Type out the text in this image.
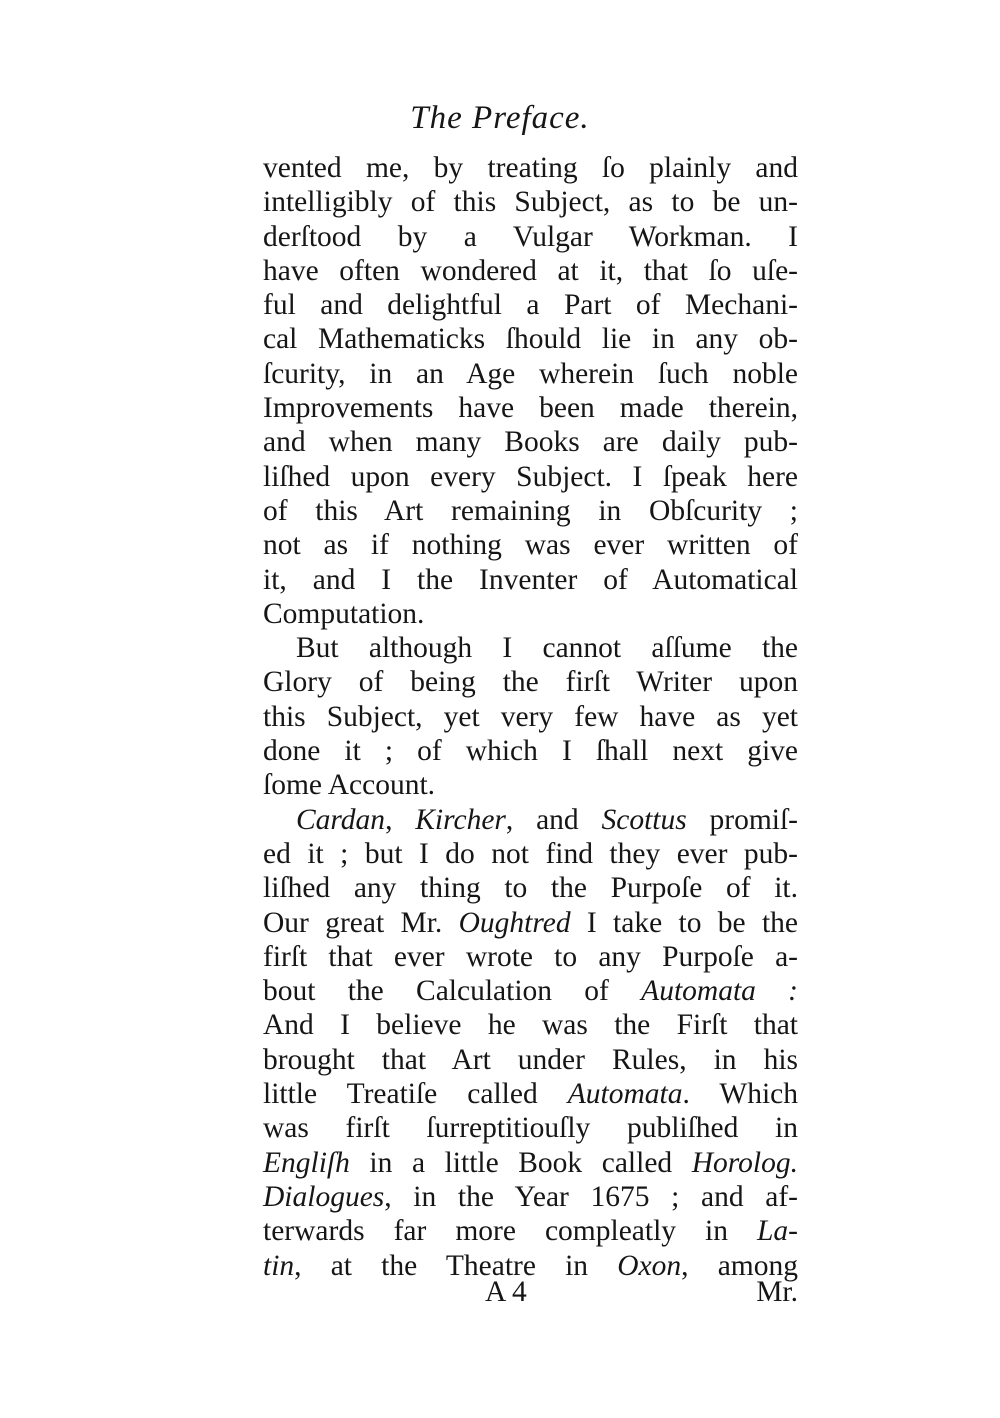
The Preface.
vented me, by treating ſo plainly and
intelligibly of this Subject, as to be un-
derſtood by a Vulgar Workman. I
have often wondered at it, that ſo uſe-
ful and delightful a Part of Mechani-
cal Mathematicks ſhould lie in any ob-
ſcurity, in an Age wherein ſuch noble
Improvements have been made therein,
and when many Books are daily pub-
liſhed upon every Subject. I ſpeak here
of this Art remaining in Obſcurity ;
not as if nothing was ever written of
it, and I the Inventer of Automatical
Computation.
But although I cannot aſſume the
Glory of being the firſt Writer upon
this Subject, yet very few have as yet
done it ; of which I ſhall next give
ſome Account.
Cardan, Kircher, and Scottus promiſ-
ed it ; but I do not find they ever pub-
liſhed any thing to the Purpoſe of it.
Our great Mr. Oughtred I take to be the
firſt that ever wrote to any Purpoſe a-
bout the Calculation of Automata :
And I believe he was the Firſt that
brought that Art under Rules, in his
little Treatiſe called Automata. Which
was firſt ſurreptitiouſly publiſhed in
Engliſh in a little Book called Horolog.
Dialogues, in the Year 1675 ; and af-
terwards far more compleatly in La-
tin, at the Theatre in Oxon, among
A 4	Mr.
